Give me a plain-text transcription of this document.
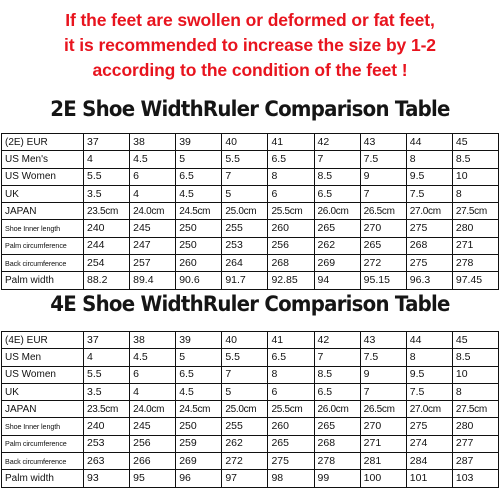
If the feet are swollen or deformed or fat feet,
it is recommended to increase the size by 1-2
according to the condition of the feet !
2E Shoe WidthRuler Comparison Table
(2E) EUR	37	38	39	40	41	42	43	44	45
US Men's	4	4.5	5	5.5	6.5	7	7.5	8	8.5
US Women	5.5	6	6.5	7	8	8.5	9	9.5	10
UK	3.5	4	4.5	5	6	6.5	7	7.5	8
JAPAN	23.5cm	24.0cm	24.5cm	25.0cm	25.5cm	26.0cm	26.5cm	27.0cm	27.5cm
Shoe Inner length	240	245	250	255	260	265	270	275	280
Palm circumference	244	247	250	253	256	262	265	268	271
Back circumference	254	257	260	264	268	269	272	275	278
Palm width	88.2	89.4	90.6	91.7	92.85	94	95.15	96.3	97.45
4E Shoe WidthRuler Comparison Table
(4E) EUR	37	38	39	40	41	42	43	44	45
US Men	4	4.5	5	5.5	6.5	7	7.5	8	8.5
US Women	5.5	6	6.5	7	8	8.5	9	9.5	10
UK	3.5	4	4.5	5	6	6.5	7	7.5	8
JAPAN	23.5cm	24.0cm	24.5cm	25.0cm	25.5cm	26.0cm	26.5cm	27.0cm	27.5cm
Shoe Inner length	240	245	250	255	260	265	270	275	280
Palm circumference	253	256	259	262	265	268	271	274	277
Back circumference	263	266	269	272	275	278	281	284	287
Palm width	93	95	96	97	98	99	100	101	103
